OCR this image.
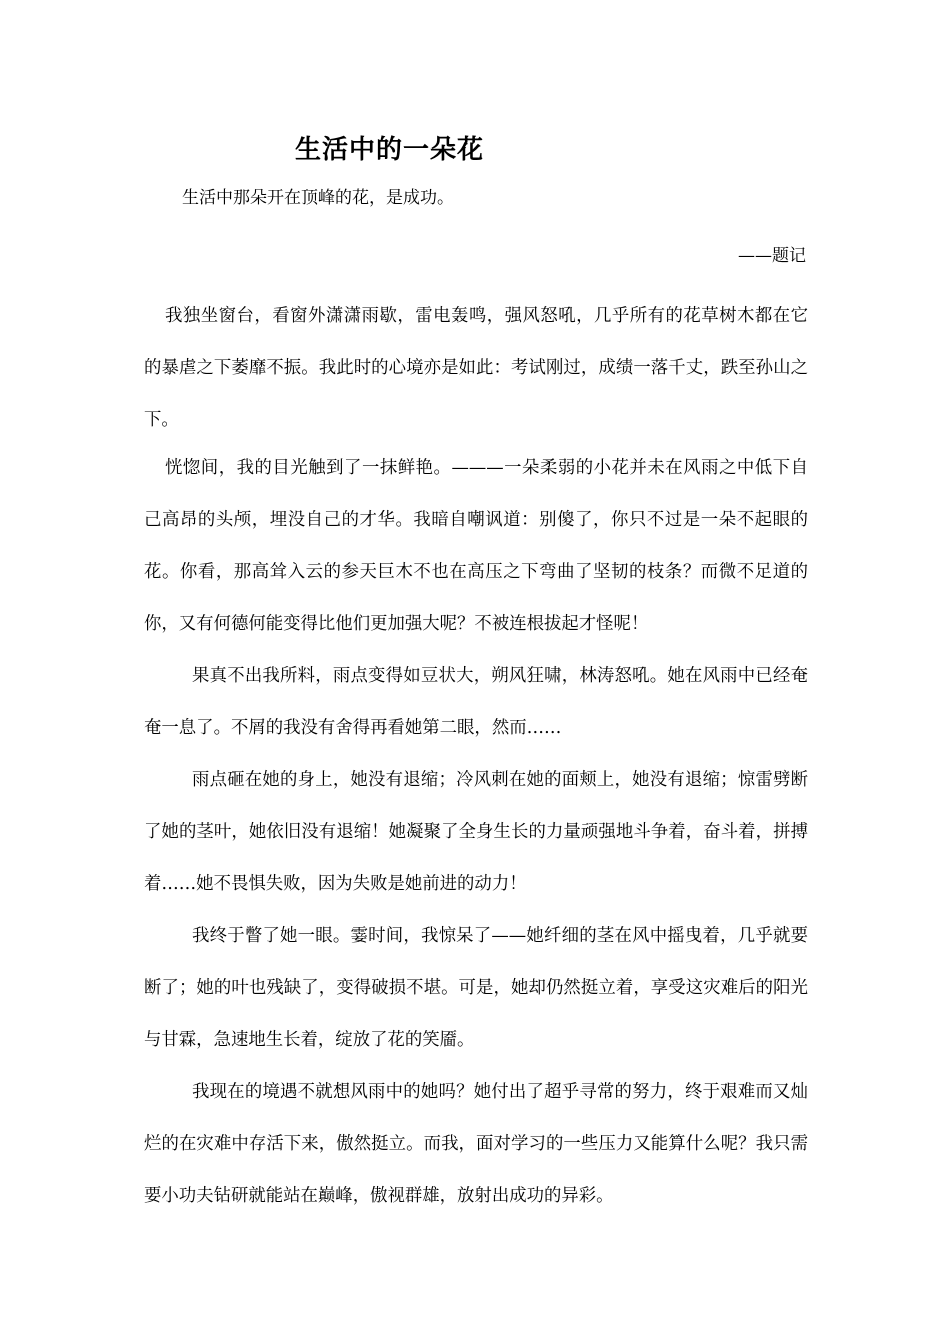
生活中的一朵花

生活中那朵开在顶峰的花，是成功。

——题记

我独坐窗台，看窗外潇潇雨歇，雷电轰鸣，强风怒吼，几乎所有的花草树木都在它的暴虐之下萎靡不振。我此时的心境亦是如此：考试刚过，成绩一落千丈，跌至孙山之下。

恍惚间，我的目光触到了一抹鲜艳。———一朵柔弱的小花并未在风雨之中低下自己高昂的头颅，埋没自己的才华。我暗自嘲讽道：别傻了，你只不过是一朵不起眼的花。你看，那高耸入云的参天巨木不也在高压之下弯曲了坚韧的枝条？而微不足道的你，又有何德何能变得比他们更加强大呢？不被连根拔起才怪呢！

果真不出我所料，雨点变得如豆状大，朔风狂啸，林涛怒吼。她在风雨中已经奄奄一息了。不屑的我没有舍得再看她第二眼，然而……

雨点砸在她的身上，她没有退缩；冷风刺在她的面颊上，她没有退缩；惊雷劈断了她的茎叶，她依旧没有退缩！她凝聚了全身生长的力量顽强地斗争着，奋斗着，拼搏着……她不畏惧失败，因为失败是她前进的动力！

我终于瞥了她一眼。霎时间，我惊呆了——她纤细的茎在风中摇曳着，几乎就要断了；她的叶也残缺了，变得破损不堪。可是，她却仍然挺立着，享受这灾难后的阳光与甘霖，急速地生长着，绽放了花的笑靥。

我现在的境遇不就想风雨中的她吗？她付出了超乎寻常的努力，终于艰难而又灿烂的在灾难中存活下来，傲然挺立。而我，面对学习的一些压力又能算什么呢？我只需要小功夫钻研就能站在巅峰，傲视群雄，放射出成功的异彩。
